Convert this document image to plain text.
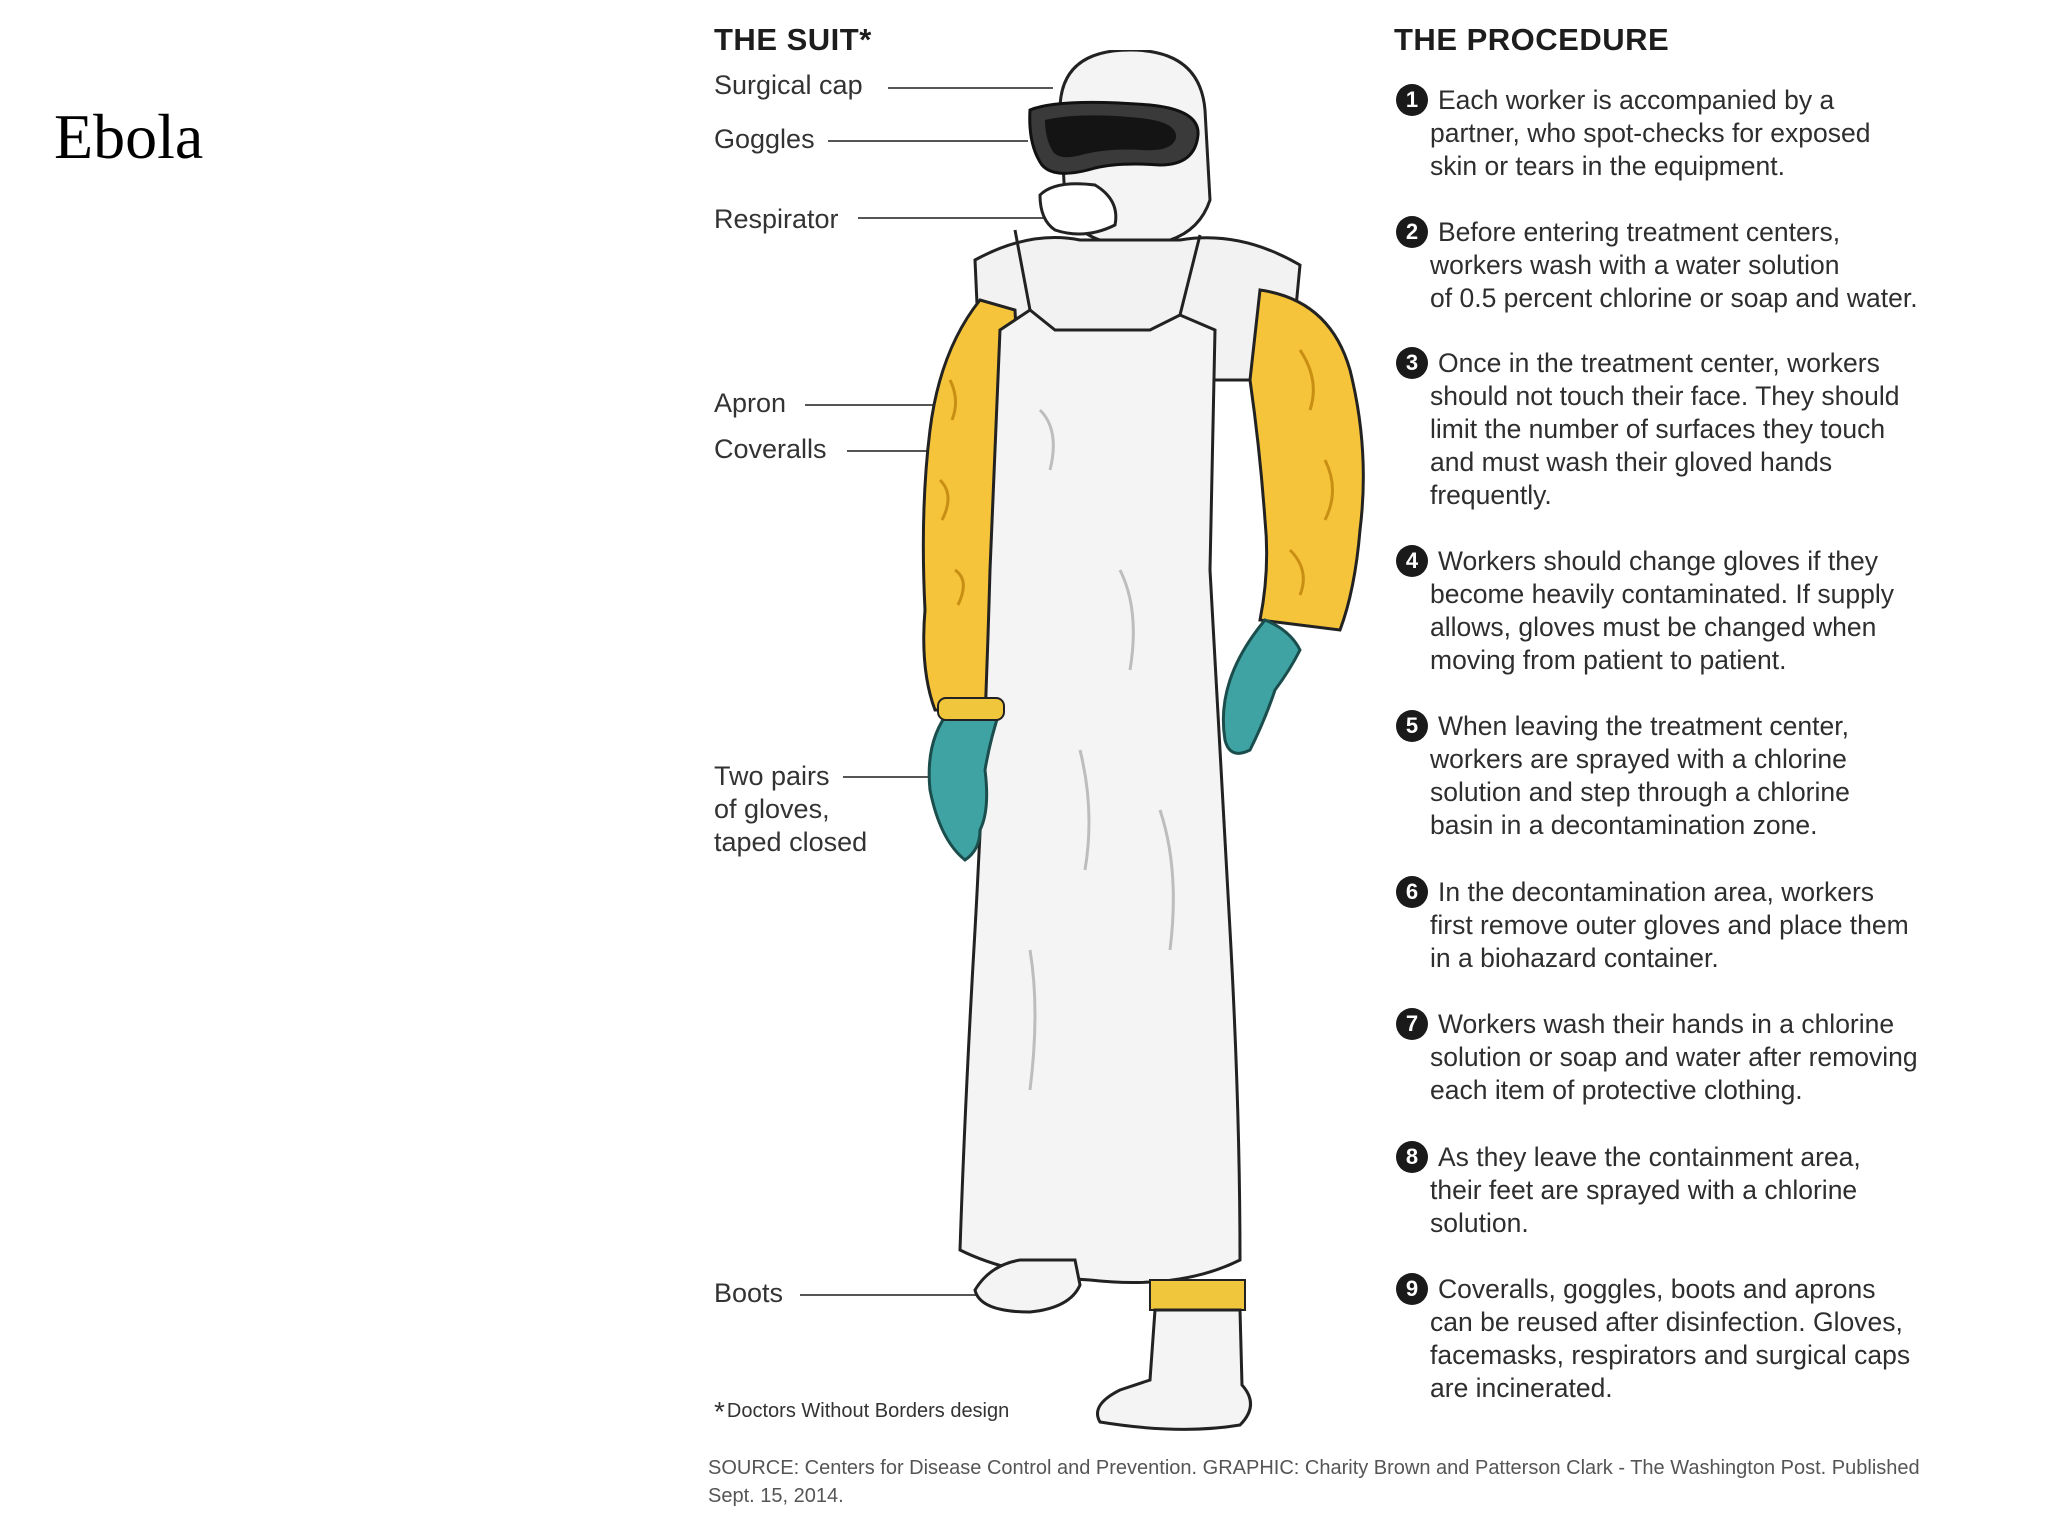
Ebola
THE SUIT*	THE PROCEDURE
Surgical cap
Goggles
Respirator
Apron
Coveralls
Two pairs
of gloves,
taped closed
Boots
1 Each worker is accompanied by a
partner, who spot-checks for exposed
skin or tears in the equipment.
2 Before entering treatment centers,
workers wash with a water solution
of 0.5 percent chlorine or soap and water.
3 Once in the treatment center, workers
should not touch their face. They should
limit the number of surfaces they touch
and must wash their gloved hands
frequently.
4 Workers should change gloves if they
become heavily contaminated. If supply
allows, gloves must be changed when
moving from patient to patient.
5 When leaving the treatment center,
workers are sprayed with a chlorine
solution and step through a chlorine
basin in a decontamination zone.
6 In the decontamination area, workers
first remove outer gloves and place them
in a biohazard container.
7 Workers wash their hands in a chlorine
solution or soap and water after removing
each item of protective clothing.
8 As they leave the containment area,
their feet are sprayed with a chlorine
solution.
9 Coveralls, goggles, boots and aprons
can be reused after disinfection. Gloves,
facemasks, respirators and surgical caps
are incinerated.
* Doctors Without Borders design
SOURCE: Centers for Disease Control and Prevention. GRAPHIC: Charity Brown and Patterson Clark - The Washington Post. Published
Sept. 15, 2014.
